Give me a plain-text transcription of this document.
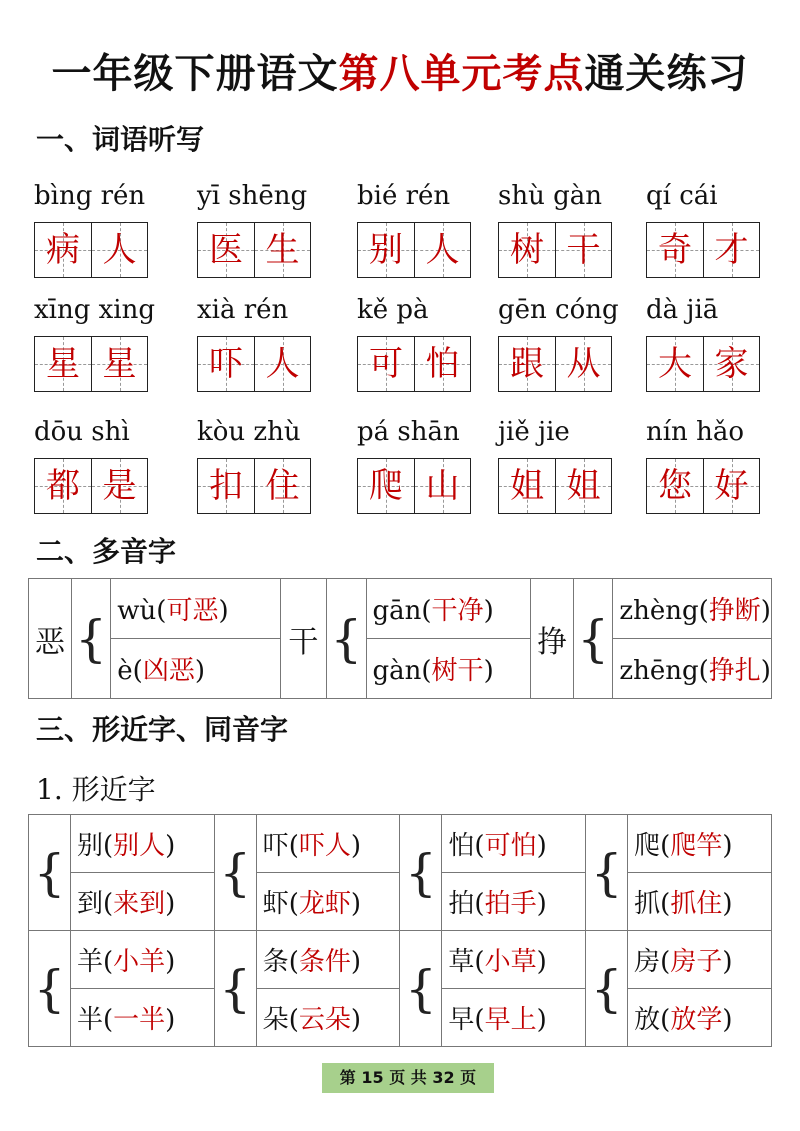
一年级下册语文第八单元考点通关练习
一、词语听写
bìng rén
病 人
yī shēng
医 生
bié rén
别 人
shù gàn
树 干
qí cái
奇 才
xīng xing
星 星
xià rén
吓 人
kě pà
可 怕
gēn cóng
跟 从
dà jiā
大 家
dōu shì
都 是
kòu zhù
扣 住
pá shān
爬 山
jiě jie
姐 姐
nín hǎo
您 好
二、多音字
恶	{	wù(可恶)	干	{	gān(干净)	挣	{	zhèng(挣断)
		è(凶恶)			gàn(树干)			zhēng(挣扎)
三、形近字、同音字
1. 形近字
{	别(别人)	{	吓(吓人)	{	怕(可怕)	{	爬(爬竿)
	到(来到)		虾(龙虾)		拍(拍手)		抓(抓住)
{	羊(小羊)	{	条(条件)	{	草(小草)	{	房(房子)
	半(一半)		朵(云朵)		早(早上)		放(放学)
第 15 页 共 32 页
